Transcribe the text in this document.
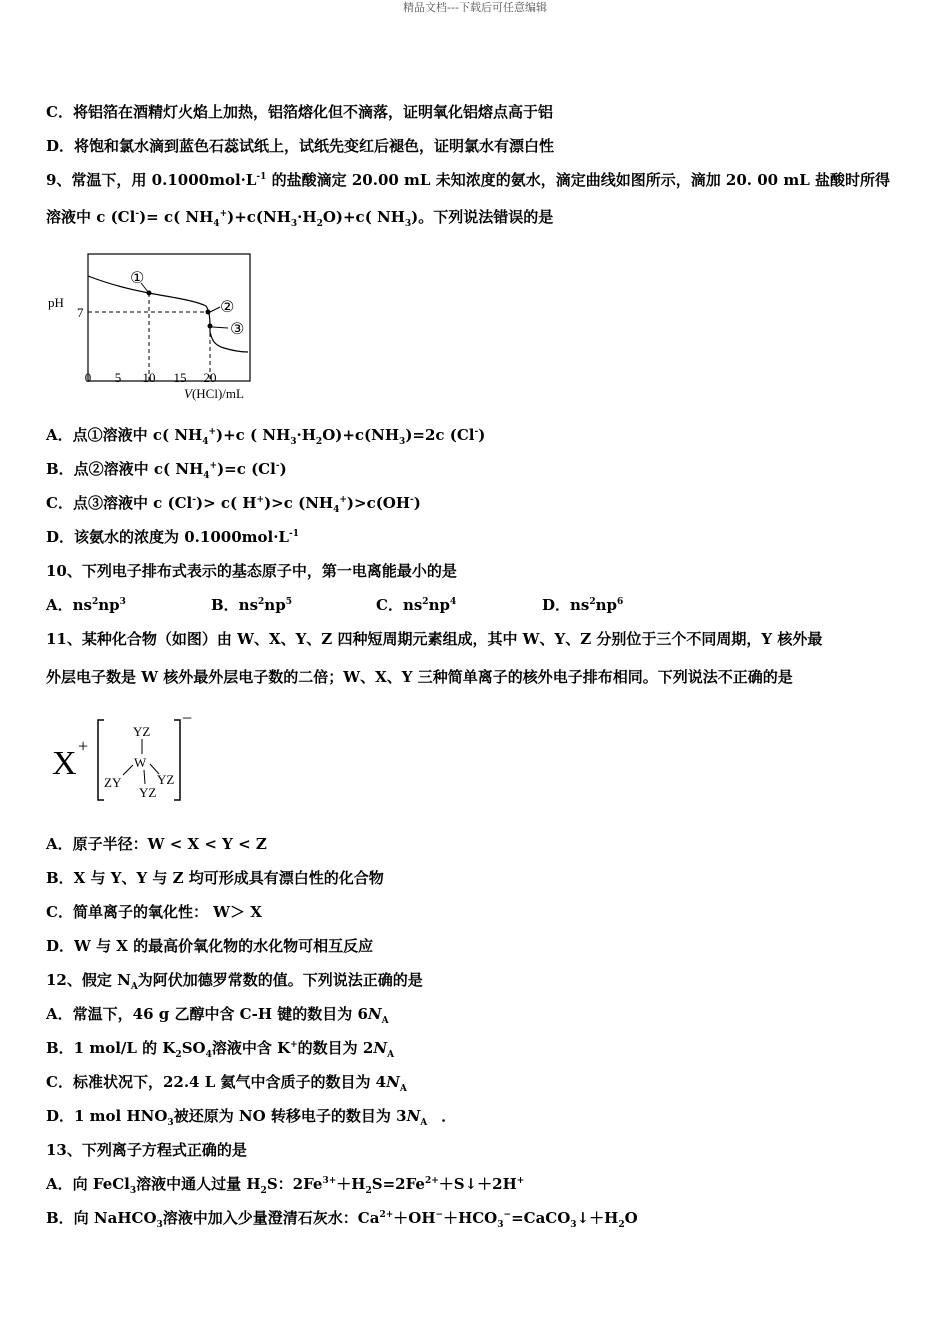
精品文档---下载后可任意编辑
C．将铝箔在酒精灯火焰上加热，铝箔熔化但不滴落，证明氧化铝熔点高于铝
D．将饱和氯水滴到蓝色石蕊试纸上，试纸先变红后褪色，证明氯水有漂白性
9、常温下，用 $0.1000mol\cdot L^{-1}$ 的盐酸滴定 20.00 mL 未知浓度的氨水，滴定曲线如图所示，滴加 20. 00 mL 盐酸时所得
溶液中 c (Cl-)= c( $NH_4^+)+c(NH_3\cdot H_2O)+c$( $NH_3$)。下列说法错误的是
①
②
③
pH
7
0 5 10 15 20
V(HCl)/mL
A．点①溶液中 c( $NH_4^+)+c$ ( $NH_3\cdot H_2O)+c(NH_3)=2c$ (Cl-)
B．点②溶液中 c( $NH_4^+)=c$ (Cl-)
C．点③溶液中 c (Cl-)> c( H+)>c $(NH_4^+)>c(OH^-)$
D．该氨水的浓度为 $0.1000mol\cdot L^{-1}$
10、下列电子排布式表示的基态原子中，第一电离能最小的是
A．$ns^2np^3$	B．$ns^2np^5$	C．$ns^2np^4$	D．$ns^2np^6$
11、某种化合物（如图）由 W、X、Y、Z 四种短周期元素组成，其中 W、Y、Z 分别位于三个不同周期，Y 核外最
外层电子数是 W 核外最外层电子数的二倍；W、X、Y 三种简单离子的核外电子排布相同。下列说法不正确的是
X +
−
YZ
W
ZY	YZ
YZ
A．原子半径：W < X < Y < Z
B．X 与 Y、Y 与 Z 均可形成具有漂白性的化合物
C．简单离子的氧化性： W＞ X
D．W 与 X 的最高价氧化物的水化物可相互反应
12、假定 $N_A$为阿伏加德罗常数的值。下列说法正确的是
A．常温下，46 g 乙醇中含 C-H 键的数目为 $6N_A$
B．1 mol/L 的 $K_2SO_4$溶液中含 K+的数目为 $2N_A$
C．标准状况下，22.4 L 氦气中含质子的数目为 $4N_A$
D．1 mol $HNO_3$被还原为 NO 转移电子的数目为 $3N_A$ ．
13、下列离子方程式正确的是
A．向 FeCl$_3$溶液中通人过量 $H_2S$：$2Fe^{3+}+H_2S=2Fe^{2+}+S↓+2H^+$
B．向 NaHCO$_3$溶液中加入少量澄清石灰水：$Ca^{2+}+OH^-+HCO_3^-=CaCO_3↓+H_2O$
